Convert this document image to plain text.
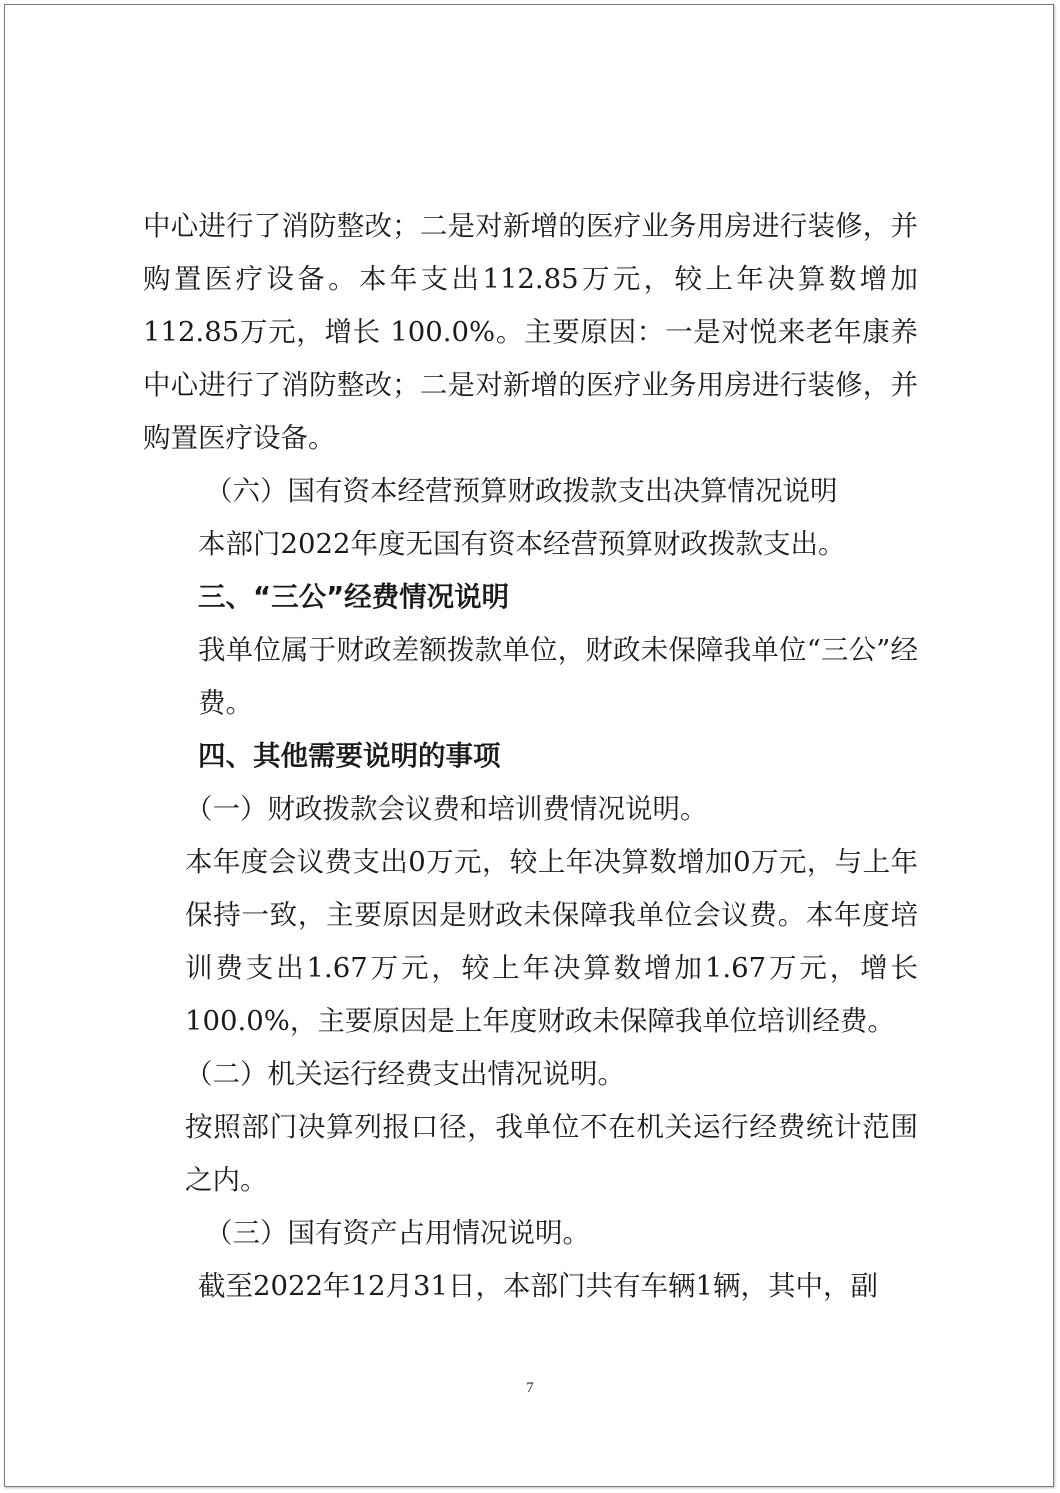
中心进行了消防整改；二是对新增的医疗业务用房进行装修，并购置医疗设备。本年支出112.85万元，较上年决算数增加112.85万元，增长 100.0%。主要原因：一是对悦来老年康养中心进行了消防整改；二是对新增的医疗业务用房进行装修，并购置医疗设备。

（六）国有资本经营预算财政拨款支出决算情况说明

本部门2022年度无国有资本经营预算财政拨款支出。

三、“三公”经费情况说明

我单位属于财政差额拨款单位，财政未保障我单位“三公”经费。

四、其他需要说明的事项

（一）财政拨款会议费和培训费情况说明。

本年度会议费支出0万元，较上年决算数增加0万元，与上年保持一致，主要原因是财政未保障我单位会议费。本年度培训费支出1.67万元，较上年决算数增加1.67万元，增长100.0%，主要原因是上年度财政未保障我单位培训经费。

（二）机关运行经费支出情况说明。

按照部门决算列报口径，我单位不在机关运行经费统计范围之内。

（三）国有资产占用情况说明。

截至2022年12月31日，本部门共有车辆1辆，其中，副

7
